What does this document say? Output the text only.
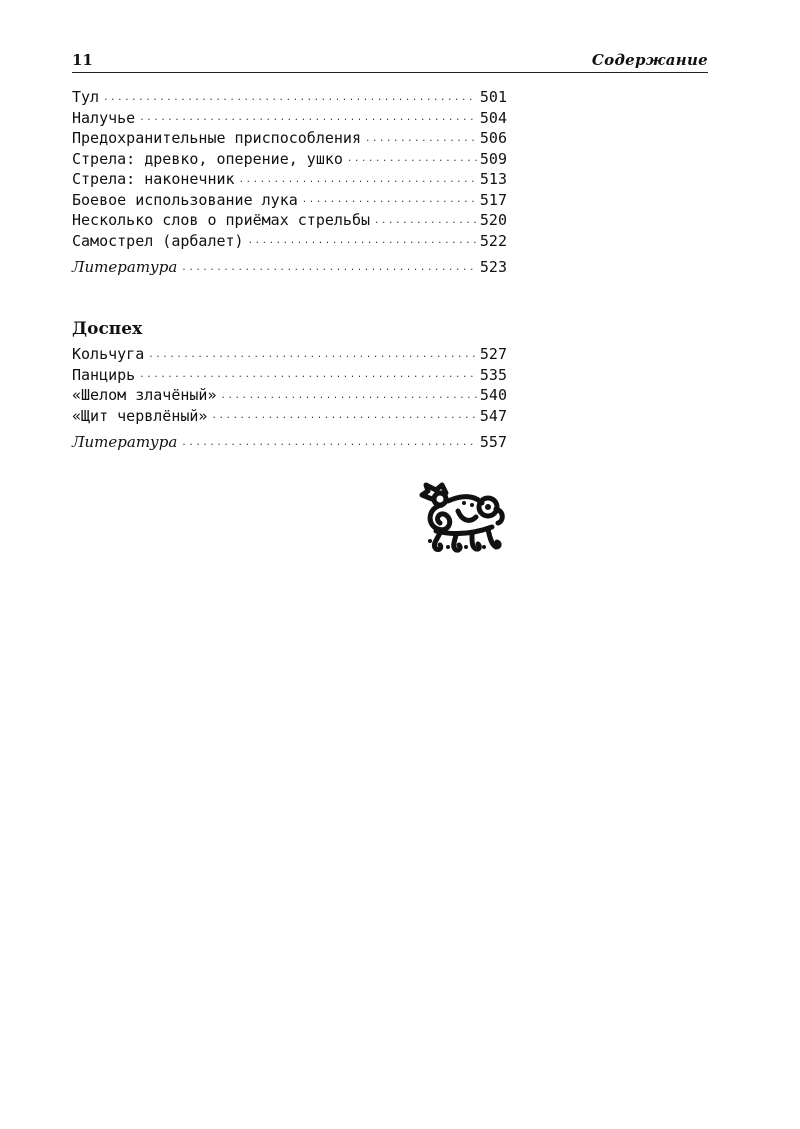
11	Содержание
Тул .....	501
Налучье .....	504
Предохранительные приспособления .....	506
Стрела: древко, оперение, ушко .....	509
Стрела: наконечник .....	513
Боевое использование лука .....	517
Несколько слов о приёмах стрельбы .....	520
Самострел (арбалет) .....	522
Литература .....	523
Доспех
Кольчуга .....	527
Панцирь .....	535
«Шелом злачёный» .....	540
«Щит червлёный» .....	547
Литература .....	557
